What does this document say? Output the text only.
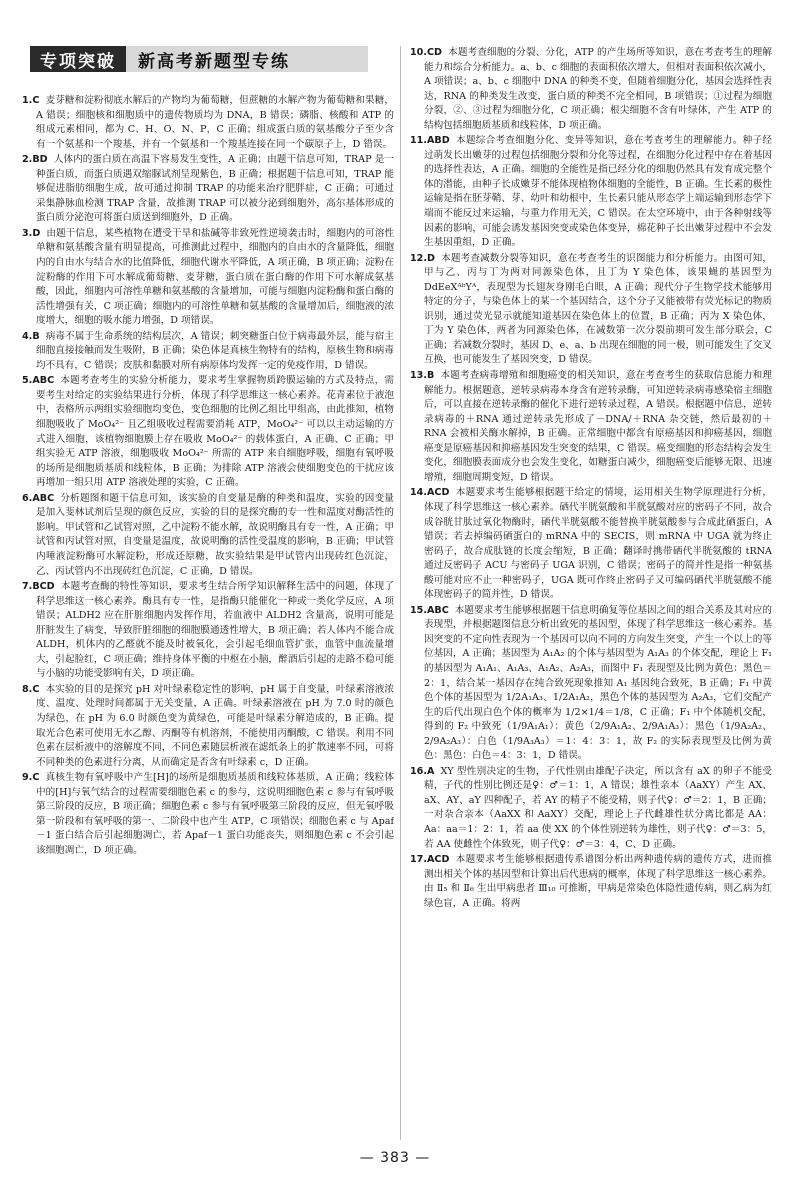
专项突破	新高考新题型专练
1.C 麦芽糖和淀粉彻底水解后的产物均为葡萄糖，但蔗糖的水解产物为葡萄糖和果糖，A 错误；细胞核和细胞质中的遗传物质均为 DNA，B 错误；磷脂、核酸和 ATP 的组成元素相同，都为 C、H、O、N、P，C 正确；组成蛋白质的氨基酸分子至少含有一个氨基和一个羧基，并有一个氨基和一个羧基连接在同一个碳原子上，D 错误。
2.BD 人体内的蛋白质在高温下容易发生变性，A 正确；由题干信息可知，TRAP 是一种蛋白质，而蛋白质遇双缩脲试剂呈现紫色，B 正确；根据题干信息可知，TRAP 能够促进脂肪细胞生成，故可通过抑制 TRAP 的功能来治疗肥胖症，C 正确；可通过采集静脉血检测 TRAP 含量，故推测 TRAP 可以被分泌到细胞外，高尔基体形成的蛋白质分泌泡可将蛋白质送到细胞外，D 正确。
3.D 由题干信息，某些植物在遭受干旱和盐碱等非致死性逆境袭击时，细胞内的可溶性单糖和氨基酸含量有明显提高，可推测此过程中，细胞内的自由水的含量降低，细胞内的自由水与结合水的比值降低，细胞代谢水平降低，A 项正确，B 项正确；淀粉在淀粉酶的作用下可水解成葡萄糖、麦芽糖，蛋白质在蛋白酶的作用下可水解成氨基酸，因此，细胞内可溶性单糖和氨基酸的含量增加，可能与细胞内淀粉酶和蛋白酶的活性增强有关，C 项正确；细胞内的可溶性单糖和氨基酸的含量增加后，细胞液的浓度增大，细胞的吸水能力增强，D 项错误。
4.B 病毒不属于生命系统的结构层次，A 错误；刺突糖蛋白位于病毒最外层，能与宿主细胞直接接触而发生吸附，B 正确；染色体是真核生物特有的结构，原核生物和病毒均不具有，C 错误；皮肤和黏膜对所有病原体均发挥一定的免疫作用，D 错误。
5.ABC 本题考查考生的实验分析能力，要求考生掌握物质跨膜运输的方式及特点，需要考生对给定的实验结果进行分析，体现了科学思维这一核心素养。花青素位于液泡中，表格所示两组实验细胞均变色，变色细胞的比例乙组比甲组高，由此推知，植物细胞吸收了 MoO₄²⁻ 且乙组吸收过程需要消耗 ATP，MoO₄²⁻ 可以以主动运输的方式进入细胞，该植物细胞膜上存在吸收 MoO₄²⁻ 的载体蛋白，A 正确、C 正确；甲组实验无 ATP 溶液，细胞吸收 MoO₄²⁻ 所需的 ATP 来自细胞呼吸，细胞有氧呼吸的场所是细胞质基质和线粒体，B 正确；为排除 ATP 溶液会使细胞变色的干扰应该再增加一组只用 ATP 溶液处理的实验，C 正确。
6.ABC 分析题图和题干信息可知，该实验的自变量是酶的种类和温度，实验的因变量是加入斐林试剂后呈现的颜色反应，实验的目的是探究酶的专一性和温度对酶活性的影响。甲试管和乙试管对照，乙中淀粉不能水解，故说明酶具有专一性，A 正确；甲试管和丙试管对照，自变量是温度，故说明酶的活性受温度的影响，B 正确；甲试管内唾液淀粉酶可水解淀粉，形成还原糖，故实验结果是甲试管内出现砖红色沉淀，乙、丙试管内不出现砖红色沉淀，C 正确，D 错误。
7.BCD 本题考查酶的特性等知识，要求考生结合所学知识解释生活中的问题，体现了科学思维这一核心素养。酶具有专一性，是指酶只能催化一种或一类化学反应，A 项错误；ALDH2 应在肝脏细胞内发挥作用，若血液中 ALDH2 含量高，说明可能是肝脏发生了病变，导致肝脏细胞的细胞膜通透性增大，B 项正确；若人体内不能合成 ALDH，机体内的乙醛就不能及时被氧化，会引起毛细血管扩张，血管中血流量增大，引起脸红，C 项正确；维持身体平衡的中枢在小脑，醉酒后引起的走路不稳可能与小脑的功能受影响有关，D 项正确。
8.C 本实验的目的是探究 pH 对叶绿素稳定性的影响，pH 属于自变量，叶绿素溶液浓度、温度、处理时间都属于无关变量，A 正确。叶绿素溶液在 pH 为 7.0 时的颜色为绿色，在 pH 为 6.0 时颜色变为黄绿色，可能是叶绿素分解造成的，B 正确。提取光合色素可使用无水乙醇、丙酮等有机溶剂，不能使用丙酮酸，C 错误。利用不同色素在层析液中的溶解度不同，不同色素随层析液在滤纸条上的扩散速率不同，可将不同种类的色素进行分离，从而确定是否含有叶绿素 c，D 正确。
9.C 真核生物有氧呼吸中产生[H]的场所是细胞质基质和线粒体基质，A 正确；线粒体中的[H]与氧气结合的过程需要细胞色素 c 的参与，这说明细胞色素 c 参与有氧呼吸第三阶段的反应，B 项正确；细胞色素 c 参与有氧呼吸第三阶段的反应，但无氧呼吸第一阶段和有氧呼吸的第一、二阶段中也产生 ATP，C 项错误；细胞色素 c 与 Apaf－1 蛋白结合后引起细胞凋亡，若 Apaf－1 蛋白功能丧失，则细胞色素 c 不会引起该细胞凋亡，D 项正确。
10.CD 本题考查细胞的分裂、分化，ATP 的产生场所等知识，意在考查考生的理解能力和综合分析能力。a、b、c 细胞的表面积依次增大，但相对表面积依次减小，A 项错误；a、b、c 细胞中 DNA 的种类不变，但随着细胞分化，基因会选择性表达，RNA 的种类发生改变，蛋白质的种类不完全相同，B 项错误；①过程为细胞分裂，②、③过程为细胞分化，C 项正确；根尖细胞不含有叶绿体，产生 ATP 的结构包括细胞质基质和线粒体，D 项正确。
11.ABD 本题综合考查细胞分化、变异等知识，意在考查考生的理解能力。种子经过萌发长出嫩芽的过程包括细胞分裂和分化等过程，在细胞分化过程中存在着基因的选择性表达，A 正确。细胞的全能性是指已经分化的细胞仍然具有发育成完整个体的潜能，由种子长成嫩芽不能体现植物体细胞的全能性，B 正确。生长素的极性运输是指在胚芽鞘、芽、幼叶和幼根中，生长素只能从形态学上端运输到形态学下端而不能反过来运输，与重力作用无关，C 错误。在太空环境中，由于各种射线等因素的影响，可能会诱发基因突变或染色体变异，棉花种子长出嫩芽过程中不会发生基因重组，D 正确。
12.D 本题考查减数分裂等知识，意在考查考生的识图能力和分析能力。由图可知，甲与乙、丙与丁为两对同源染色体，且丁为 Y 染色体，该果蝇的基因型为 DdEeXᴬᵇYᴬ，表现型为长翅灰身刚毛白眼，A 正确；现代分子生物学技术能够用特定的分子，与染色体上的某一个基因结合，这个分子又能被带有荧光标记的物质识别，通过荧光显示就能知道基因在染色体上的位置，B 正确；丙为 X 染色体，丁为 Y 染色体，两者为同源染色体，在减数第一次分裂前期可发生部分联会，C 正确；若减数分裂时，基因 D、e、a、b 出现在细胞的同一极，则可能发生了交叉互换，也可能发生了基因突变，D 错误。
13.B 本题考查病毒增殖和细胞癌变的相关知识，意在考查考生的获取信息能力和理解能力。根据题意，逆转录病毒本身含有逆转录酶，可知逆转录病毒感染宿主细胞后，可以直接在逆转录酶的催化下进行逆转录过程，A 错误。根据题中信息，逆转录病毒的＋RNA 通过逆转录先形成了－DNA/＋RNA 杂交链，然后最初的＋RNA 会被相关酶水解掉，B 正确。正常细胞中都含有原癌基因和抑癌基因，细胞癌变是原癌基因和抑癌基因发生突变的结果，C 错误。癌变细胞的形态结构会发生变化，细胞膜表面成分也会发生变化，如糖蛋白减少，细胞癌变后能够无限、迅速增殖，细胞周期变短，D 错误。
14.ACD 本题要求考生能够根据题干给定的情境，运用相关生物学原理进行分析，体现了科学思维这一核心素养。硒代半胱氨酸和半胱氨酸对应的密码子不同，故合成谷胱甘肽过氧化物酶时，硒代半胱氨酸不能替换半胱氨酸参与合成此硒蛋白，A 错误；若去掉编码硒蛋白的 mRNA 中的 SECIS，则 mRNA 中 UGA 就为终止密码子，故合成肽链的长度会缩短，B 正确；翻译时携带硒代半胱氨酸的 tRNA 通过反密码子 ACU 与密码子 UGA 识别，C 错误；密码子的简并性是指一种氨基酸可能对应不止一种密码子，UGA 既可作终止密码子又可编码硒代半胱氨酸不能体现密码子的简并性，D 错误。
15.ABC 本题要求考生能够根据题干信息明确复等位基因之间的组合关系及其对应的表现型，并根据题图信息分析出致死的基因型，体现了科学思维这一核心素养。基因突变的不定向性表现为一个基因可以向不同的方向发生突变，产生一个以上的等位基因，A 正确；基因型为 A₁A₂ 的个体与基因型为 A₁A₃ 的个体交配，理论上 F₁ 的基因型为 A₁A₁、A₁A₃、A₁A₂、A₂A₃，而图中 F₁ 表现型及比例为黄色：黑色＝2：1，结合某一基因存在纯合致死现象推知 A₁ 基因纯合致死，B 正确；F₁ 中黄色个体的基因型为 1/2A₁A₃、1/2A₁A₂，黑色个体的基因型为 A₂A₃，它们交配产生的后代出现白色个体的概率为 1/2×1/4＝1/8，C 正确；F₁ 中个体随机交配，得到的 F₂ 中致死（1/9A₁A₁）：黄色（2/9A₁A₂、2/9A₁A₃）：黑色（1/9A₂A₂、2/9A₂A₃）：白色（1/9A₃A₃）＝1：4：3：1，故 F₂ 的实际表现型及比例为黄色：黑色：白色＝4：3：1，D 错误。
16.A XY 型性别决定的生物，子代性别由雄配子决定，所以含有 aX 的卵子不能受精，子代的性别比例还是♀：♂＝1：1，A 错误；雄性亲本（AaXY）产生 AX、aX、AY、aY 四种配子，若 AY 的精子不能受精，则子代♀：♂＝2：1，B 正确；一对杂合亲本（AaXX 和 AaXY）交配，理论上子代雌雄性状分离比都是 AA：Aa：aa＝1：2：1，若 aa 使 XX 的个体性别逆转为雄性，则子代♀：♂＝3：5，若 AA 使雌性个体致死，则子代♀：♂＝3：4，C、D 正确。
17.ACD 本题要求考生能够根据遗传系谱图分析出两种遗传病的遗传方式，进而推测出相关个体的基因型和计算出后代患病的概率，体现了科学思维这一核心素养。由 Ⅱ₅ 和 Ⅱ₆ 生出甲病患者 Ⅲ₁₀ 可推断，甲病是常染色体隐性遗传病，则乙病为红绿色盲，A 正确。将两
— 383 —
